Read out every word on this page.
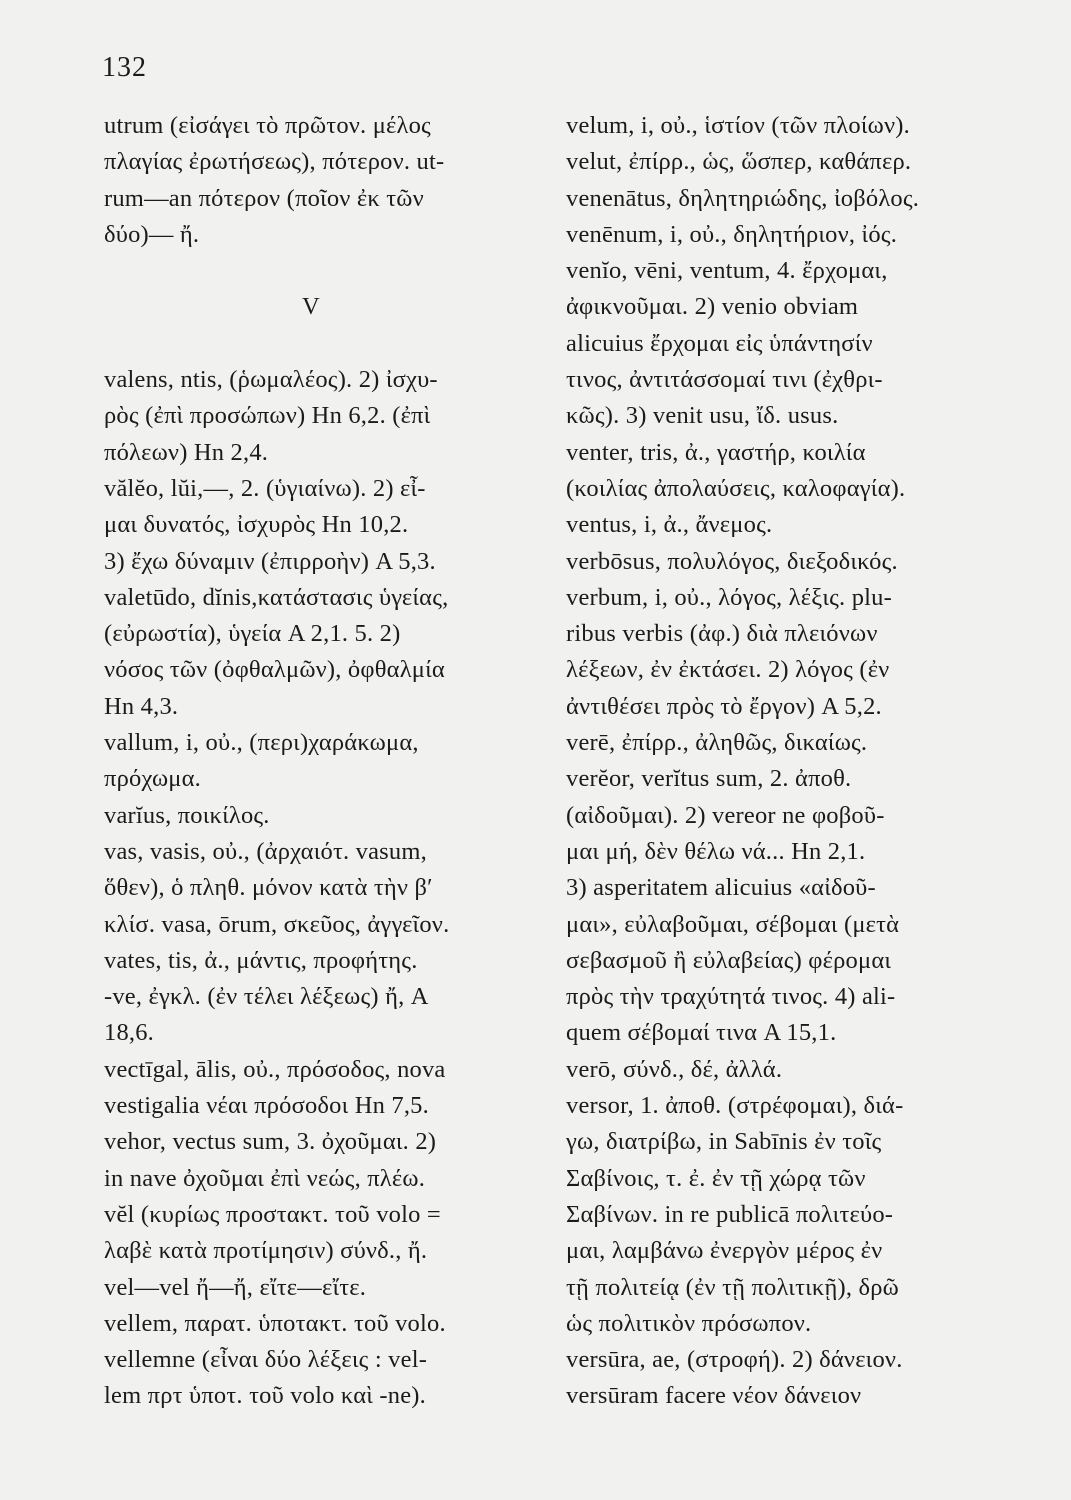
132
utrum (εἰσάγει τὸ πρῶτον. μέλος
πλαγίας ἐρωτήσεως), πότερον. ut-
rum—an πότερον (ποῖον ἐκ τῶν
δύο)— ἤ.
V
valens, ntis, (ῥωμαλέος). 2) ἰσχυ-
ρὸς (ἐπὶ προσώπων) Hn 6,2. (ἐπὶ
πόλεων) Hn 2,4.
vălĕo, lŭi,—, 2. (ὑγιαίνω). 2) εἶ-
μαι δυνατός, ἰσχυρὸς Hn 10,2.
3) ἔχω δύναμιν (ἐπιρροὴν) A 5,3.
valetūdo, dĭnis,κατάστασις ὑγείας,
(εὐρωστία), ὑγεία A 2,1. 5. 2)
νόσος τῶν (ὀφθαλμῶν), ὀφθαλμία
Hn 4,3.
vallum, i, οὐ., (περι)χαράκωμα,
πρόχωμα.
varĭus, ποικίλος.
vas, vasis, οὐ., (ἀρχαιότ. vasum,
ὅθεν), ὁ πληθ. μόνον κατὰ τὴν β′
κλίσ. vasa, ōrum, σκεῦος, ἀγγεῖον.
vates, tis, ἀ., μάντις, προφήτης.
-ve, ἐγκλ. (ἐν τέλει λέξεως) ἤ, A
18,6.
vectīgal, ālis, οὐ., πρόσοδος, nova
vestigalia νέαι πρόσοδοι Hn 7,5.
vehor, vectus sum, 3. ὀχοῦμαι. 2)
in nave ὀχοῦμαι ἐπὶ νεώς, πλέω.
vĕl (κυρίως προστακτ. τοῦ volo =
λαβὲ κατὰ προτίμησιν) σύνδ., ἤ.
vel—vel ἤ—ἤ, εἴτε—εἴτε.
vellem, παρατ. ὑποτακτ. τοῦ volo.
vellemne (εἶναι δύο λέξεις : vel-
lem πρτ ὑποτ. τοῦ volo καὶ -ne).
velum, i, οὐ., ἱστίον (τῶν πλοίων).
velut, ἐπίρρ., ὡς, ὥσπερ, καθάπερ.
venenātus, δηλητηριώδης, ἰοβόλος.
venēnum, i, οὐ., δηλητήριον, ἰός.
venĭo, vēni, ventum, 4. ἔρχομαι,
ἀφικνοῦμαι. 2) venio obviam
alicuius ἔρχομαι εἰς ὑπάντησίν
τινος, ἀντιτάσσομαί τινι (ἐχθρι-
κῶς). 3) venit usu, ἴδ. usus.
venter, tris, ἀ., γαστήρ, κοιλία
(κοιλίας ἀπολαύσεις, καλοφαγία).
ventus, i, ἀ., ἄνεμος.
verbōsus, πολυλόγος, διεξοδικός.
verbum, i, οὐ., λόγος, λέξις. plu-
ribus verbis (ἀφ.) διὰ πλειόνων
λέξεων, ἐν ἐκτάσει. 2) λόγος (ἐν
ἀντιθέσει πρὸς τὸ ἔργον) A 5,2.
verē, ἐπίρρ., ἀληθῶς, δικαίως.
verĕor, verĭtus sum, 2. ἀποθ.
(αἰδοῦμαι). 2) vereor ne φοβοῦ-
μαι μή, δὲν θέλω νά... Hn 2,1.
3) asperitatem alicuius «αἰδοῦ-
μαι», εὐλαβοῦμαι, σέβομαι (μετὰ
σεβασμοῦ ἢ εὐλαβείας) φέρομαι
πρὸς τὴν τραχύτητά τινος. 4) ali-
quem σέβομαί τινα A 15,1.
verō, σύνδ., δέ, ἀλλά.
versor, 1. ἀποθ. (στρέφομαι), διά-
γω, διατρίβω, in Sabīnis ἐν τοῖς
Σαβίνοις, τ. ἐ. ἐν τῇ χώρᾳ τῶν
Σαβίνων. in re publicā πολιτεύο-
μαι, λαμβάνω ἐνεργὸν μέρος ἐν
τῇ πολιτείᾳ (ἐν τῇ πολιτικῇ), δρῶ
ὡς πολιτικὸν πρόσωπον.
versūra, ae, (στροφή). 2) δάνειον.
versūram facere νέον δάνειον
